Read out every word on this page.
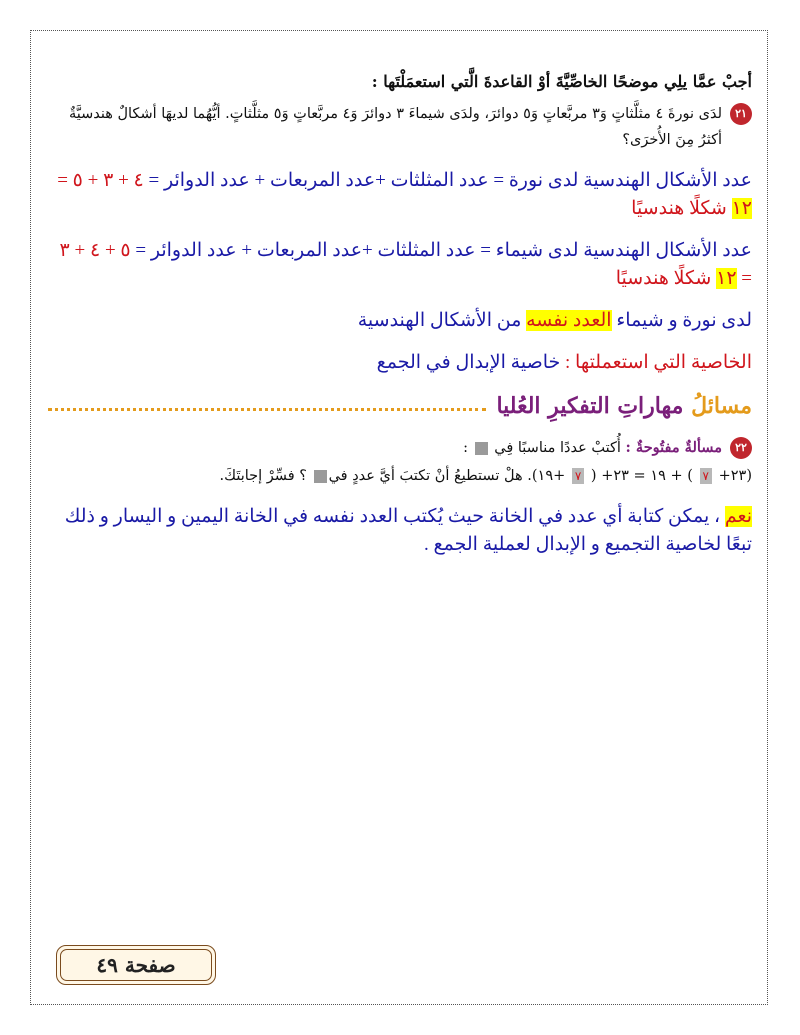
أجبْ عمَّا يلِي موضحًا الخاصِّيَّةَ أوْ القاعدةَ الَّتي استعمَلْتَها :

٢١
لدَى نورةَ ٤ مثلَّثاتٍ وَ٣ مربَّعاتٍ وَ٥ دوائرَ، ولدَى شيماءَ ٣ دوائرَ وَ٤ مربَّعاتٍ وَ٥ مثلَّثاتٍ. أيُّهُما لديهَا أشكالٌ هندسيَّةٌ أكثرُ مِنَ الأُخرَى؟
عدد الأشكال الهندسية لدى نورة = عدد المثلثات +عدد المربعات + عدد الدوائر = ٤ + ٣ + ٥ = ١٢ شكلًا هندسيًا
عدد الأشكال الهندسية لدى شيماء = عدد المثلثات +عدد المربعات + عدد الدوائر = ٥ + ٤ + ٣ = ١٢ شكلًا هندسيًا
لدى نورة و شيماء العدد نفسه من الأشكال الهندسية
الخاصية التي استعملتها : خاصية الإبدال في الجمع
مسائلُ مهاراتِ التفكيرِ العُليا
٢٢
مسألةٌ مفتُوحةٌ : أُكتبْ عددًا مناسبًا فِي  :
(٢٣+ ٧ ) + ١٩ = ٢٣+ ( ٧ +١٩). هلْ تستطيعُ أنْ تكتبَ أيَّ عددٍ في ؟ فسِّرْ إجابتَكَ.
نعم ، يمكن كتابة أي عدد في الخانة حيث يُكتب العدد نفسه في الخانة اليمين و اليسار و ذلك تبعًا لخاصية التجميع و الإبدال لعملية الجمع .
صفحة ٤٩
